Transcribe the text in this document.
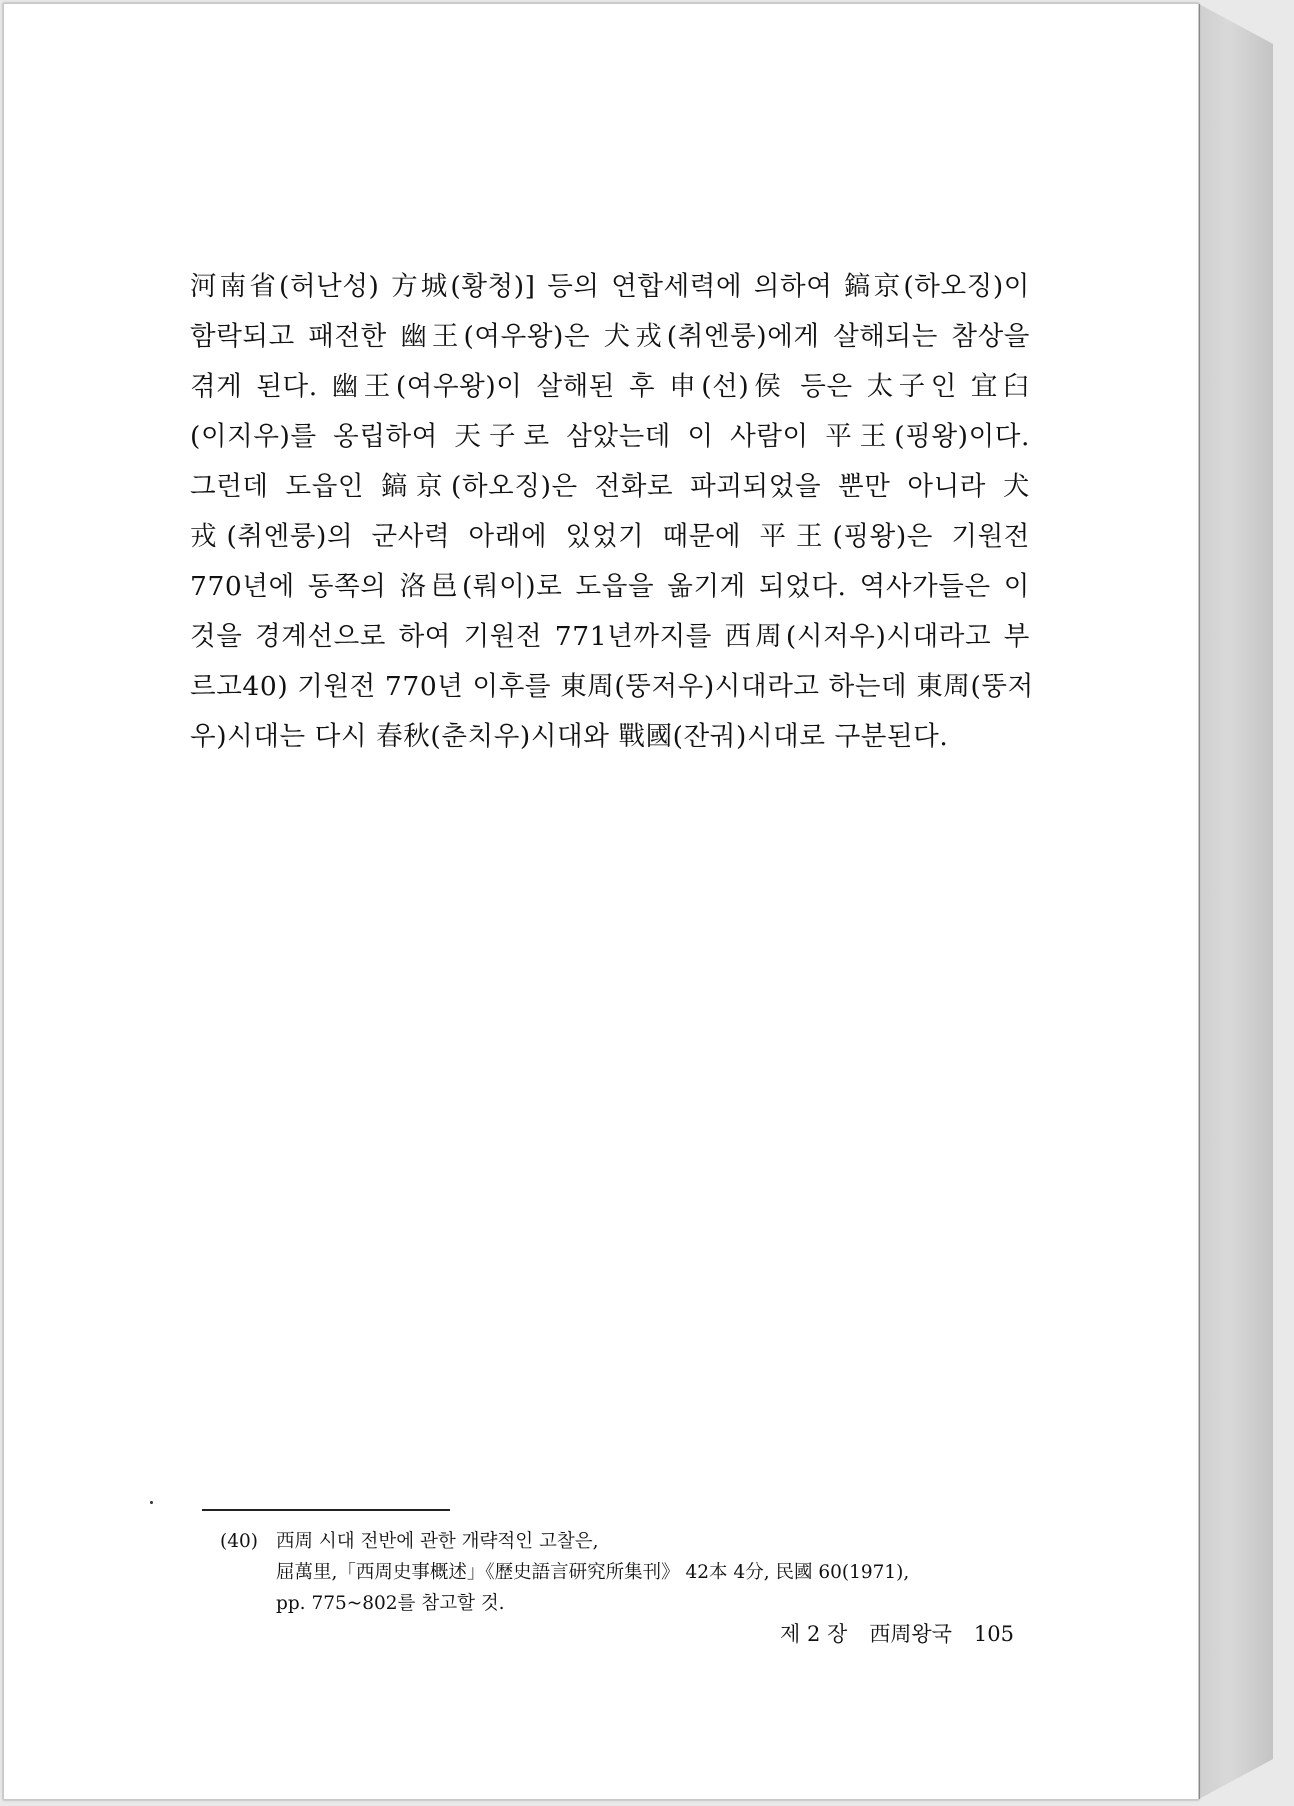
河南省(허난성) 方城(황청)] 등의 연합세력에 의하여 鎬京(하오징)이
함락되고 패전한 幽王(여우왕)은 犬戎(취엔룽)에게 살해되는 참상을
겪게 된다. 幽王(여우왕)이 살해된 후 申(선)侯 등은 太子인 宜臼
(이지우)를 옹립하여 天子로 삼았는데 이 사람이 平王(핑왕)이다.
그런데 도읍인 鎬京(하오징)은 전화로 파괴되었을 뿐만 아니라 犬
戎(취엔룽)의 군사력 아래에 있었기 때문에 平王(핑왕)은 기원전
770년에 동쪽의 洛邑(뤄이)로 도읍을 옮기게 되었다. 역사가들은 이
것을 경계선으로 하여 기원전 771년까지를 西周(시저우)시대라고 부
르고40) 기원전 770년 이후를 東周(뚱저우)시대라고 하는데 東周(뚱저
우)시대는 다시 春秋(춘치우)시대와 戰國(잔궈)시대로 구분된다.
(40) 西周 시대 전반에 관한 개략적인 고찰은,
屈萬里,「西周史事概述」《歷史語言研究所集刊》 42本 4分, 民國 60(1971),
pp. 775~802를 참고할 것.
제 2 장 西周왕국 105
